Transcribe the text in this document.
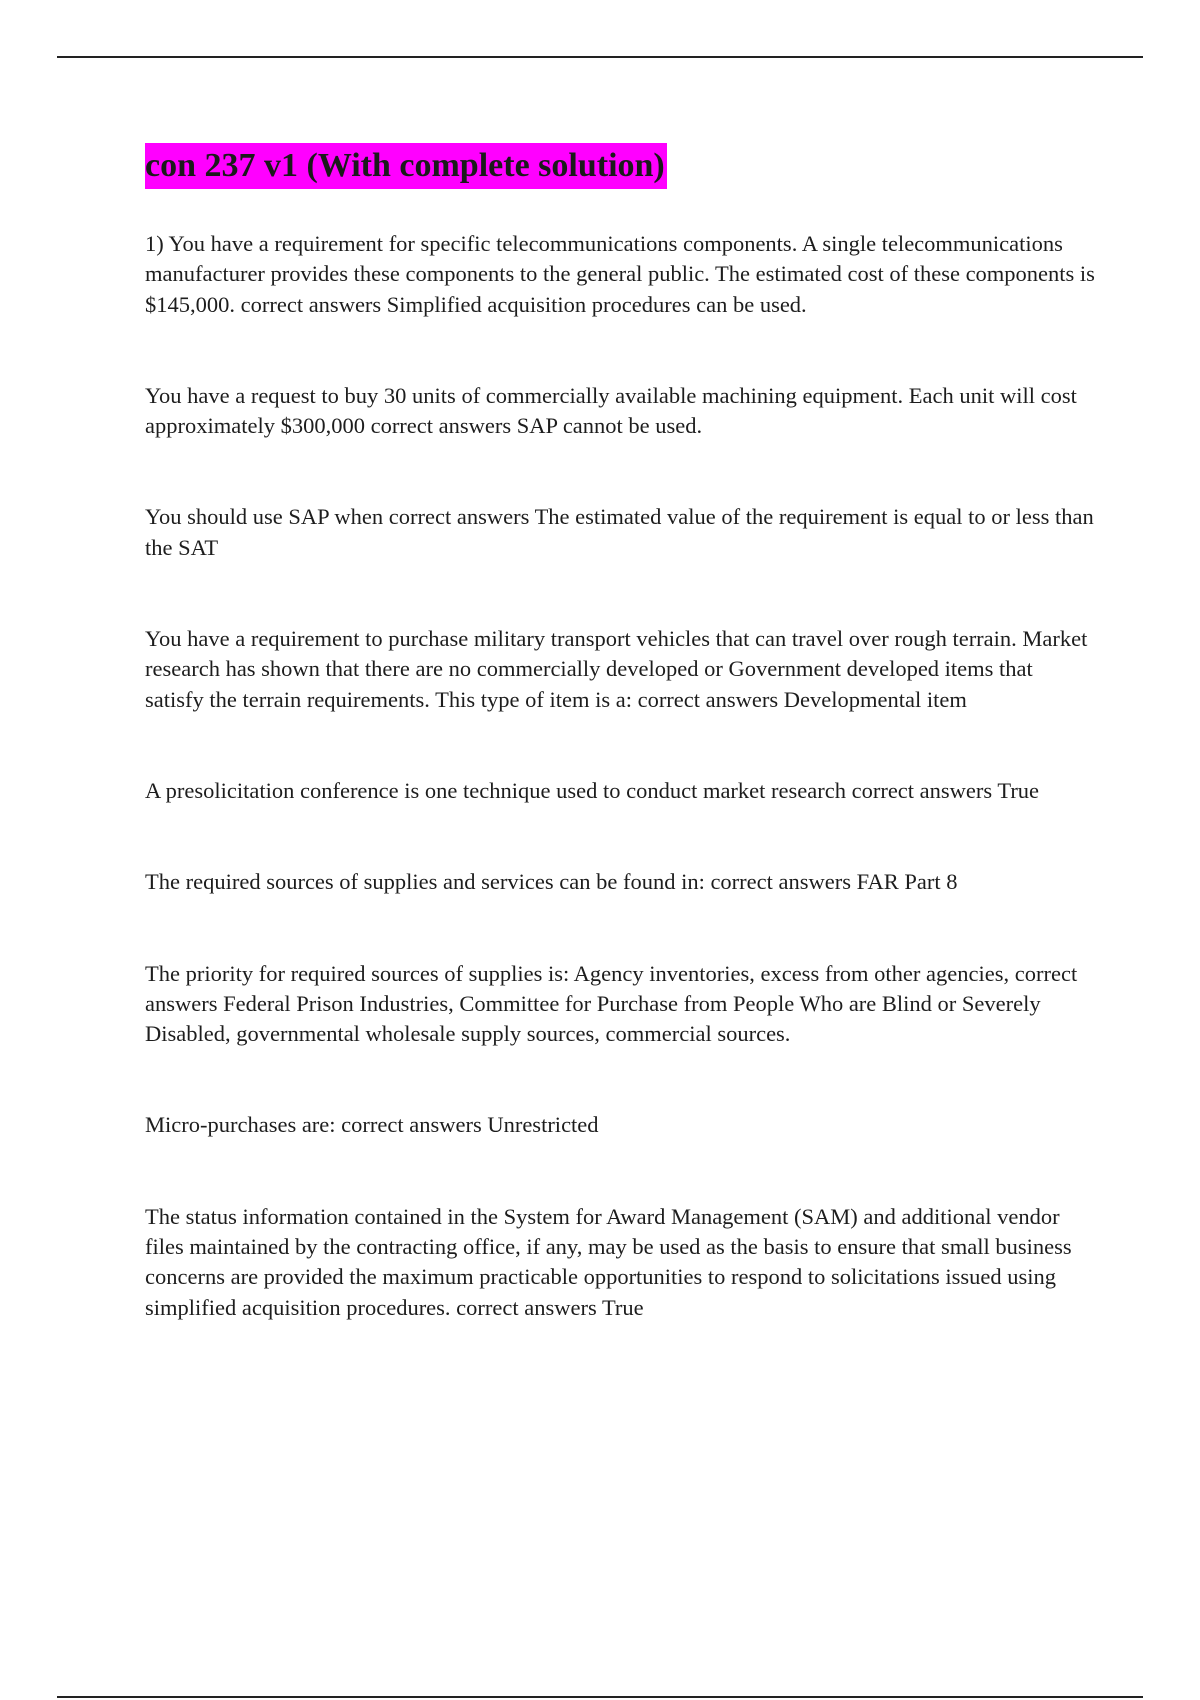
con 237 v1 (With complete solution)

1) You have a requirement for specific telecommunications components. A single telecommunications manufacturer provides these components to the general public. The estimated cost of these components is $145,000. correct answers Simplified acquisition procedures can be used.

You have a request to buy 30 units of commercially available machining equipment. Each unit will cost approximately $300,000 correct answers SAP cannot be used.

You should use SAP when correct answers The estimated value of the requirement is equal to or less than the SAT

You have a requirement to purchase military transport vehicles that can travel over rough terrain. Market research has shown that there are no commercially developed or Government developed items that satisfy the terrain requirements. This type of item is a: correct answers Developmental item

A presolicitation conference is one technique used to conduct market research correct answers True

The required sources of supplies and services can be found in: correct answers FAR Part 8

The priority for required sources of supplies is: Agency inventories, excess from other agencies, correct answers Federal Prison Industries, Committee for Purchase from People Who are Blind or Severely Disabled, governmental wholesale supply sources, commercial sources.

Micro-purchases are: correct answers Unrestricted

The status information contained in the System for Award Management (SAM) and additional vendor files maintained by the contracting office, if any, may be used as the basis to ensure that small business concerns are provided the maximum practicable opportunities to respond to solicitations issued using simplified acquisition procedures. correct answers True
